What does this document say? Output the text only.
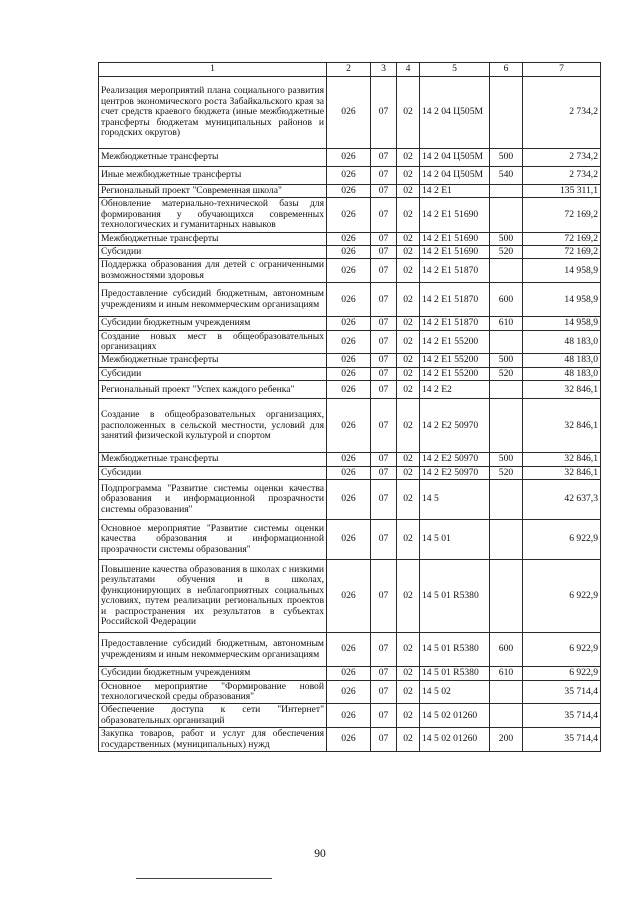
1	2	3	4	5	6	7
Реализация мероприятий плана социального развития центров экономического роста Забайкальского края за счет средств краевого бюджета (иные межбюджетные трансферты бюджетам муниципальных районов и городских округов)	026	07	02	14 2 04 Ц505М		2 734,2
Межбюджетные трансферты	026	07	02	14 2 04 Ц505М	500	2 734,2
Иные межбюджетные трансферты	026	07	02	14 2 04 Ц505М	540	2 734,2
Региональный проект "Современная школа"	026	07	02	14 2 Е1		135 311,1
Обновление материально-технической базы для формирования у обучающихся современных технологических и гуманитарных навыков	026	07	02	14 2 Е1 51690		72 169,2
Межбюджетные трансферты	026	07	02	14 2 Е1 51690	500	72 169,2
Субсидии	026	07	02	14 2 Е1 51690	520	72 169,2
Поддержка образования для детей с ограниченными возможностями здоровья	026	07	02	14 2 Е1 51870		14 958,9
Предоставление субсидий бюджетным, автономным учреждениям и иным некоммерческим организациям	026	07	02	14 2 Е1 51870	600	14 958,9
Субсидии бюджетным учреждениям	026	07	02	14 2 Е1 51870	610	14 958,9
Создание новых мест в общеобразовательных организациях	026	07	02	14 2 Е1 55200		48 183,0
Межбюджетные трансферты	026	07	02	14 2 Е1 55200	500	48 183,0
Субсидии	026	07	02	14 2 Е1 55200	520	48 183,0
Региональный проект "Успех каждого ребенка"	026	07	02	14 2 Е2		32 846,1
Создание в общеобразовательных организациях, расположенных в сельской местности, условий для занятий физической культурой и спортом	026	07	02	14 2 Е2 50970		32 846,1
Межбюджетные трансферты	026	07	02	14 2 Е2 50970	500	32 846,1
Субсидии	026	07	02	14 2 Е2 50970	520	32 846,1
Подпрограмма "Развитие системы оценки качества образования и информационной прозрачности системы образования"	026	07	02	14 5		42 637,3
Основное мероприятие "Развитие системы оценки качества образования и информационной прозрачности системы образования"	026	07	02	14 5 01		6 922,9
Повышение качества образования в школах с низкими результатами обучения и в школах, функционирующих в неблагоприятных социальных условиях, путем реализации региональных проектов и распространения их результатов в субъектах Российской Федерации	026	07	02	14 5 01 R5380		6 922,9
Предоставление субсидий бюджетным, автономным учреждениям и иным некоммерческим организациям	026	07	02	14 5 01 R5380	600	6 922,9
Субсидии бюджетным учреждениям	026	07	02	14 5 01 R5380	610	6 922,9
Основное мероприятие "Формирование новой технологической среды образования"	026	07	02	14 5 02		35 714,4
Обеспечение доступа к сети "Интернет" образовательных организаций	026	07	02	14 5 02 01260		35 714,4
Закупка товаров, работ и услуг для обеспечения государственных (муниципальных) нужд	026	07	02	14 5 02 01260	200	35 714,4
90
